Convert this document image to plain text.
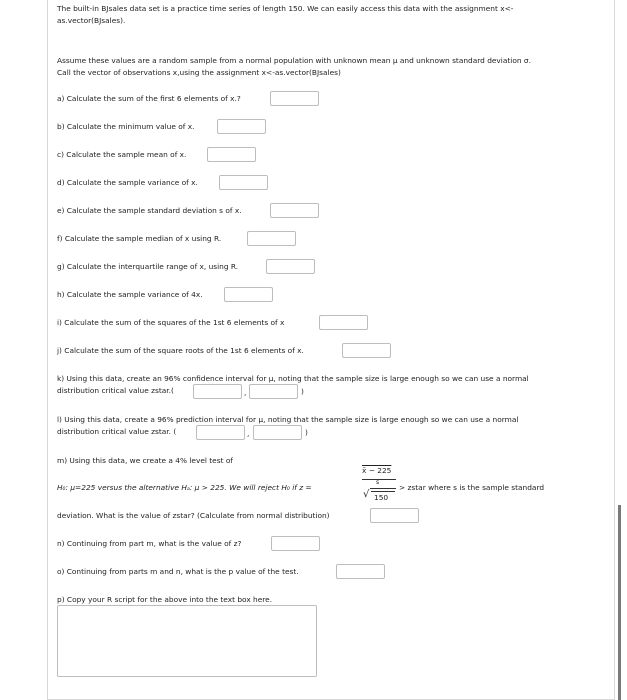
The built-in BJsales data set is a practice time series of length 150. We can easily access this data with the assignment x<-
as.vector(BJsales).
Assume these values are a random sample from a normal population with unknown mean μ and unknown standard deviation σ.
Call the vector of observations x,using the assignment x<-as.vector(BJsales)
a) Calculate the sum of the first 6 elements of x.?
b) Calculate the minimum value of x.
c) Calculate the sample mean of x.
d) Calculate the sample variance of x.
e) Calculate the sample standard deviation s of x.
f) Calculate the sample median of x using R.
g) Calculate the interquartile range of x, using R.
h) Calculate the sample variance of 4x.
i) Calculate the sum of the squares of the 1st 6 elements of x
j) Calculate the sum of the square roots of the 1st 6 elements of x.
k) Using this data, create an 96% confidence interval for μ, noting that the sample size is large enough so we can use a normal
distribution critical value zstar.(	,	)
l) Using this data, create a 96% prediction interval for μ, noting that the sample size is large enough so we can use a normal
distribution critical value zstar. (	,	)
m) Using this data, we create a 4% level test of
H₀: μ=225 versus the alternative Hₐ: μ > 225. We will reject H₀ if z =
x̄ − 225
s
√ 150
> zstar where s is the sample standard
deviation. What is the value of zstar? (Calculate from normal distribution)
n) Continuing from part m, what is the value of z?
o) Continuing from parts m and n, what is the p value of the test.
p) Copy your R script for the above into the text box here.
